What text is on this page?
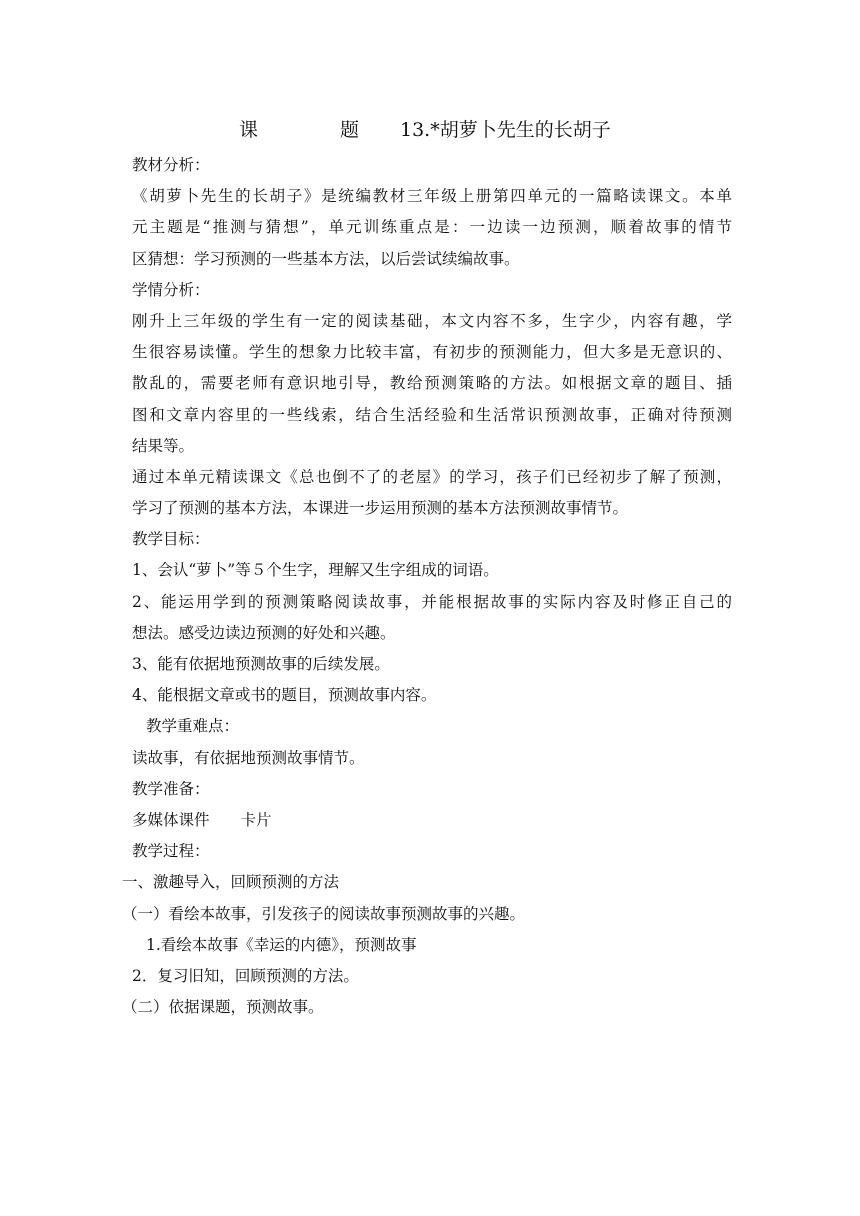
课	题 13.*胡萝卜先生的长胡子
教材分析：
《胡萝卜先生的长胡子》是统编教材三年级上册第四单元的一篇略读课文。本单
元主题是“推测与猜想”，单元训练重点是：一边读一边预测，顺着故事的情节
区猜想：学习预测的一些基本方法，以后尝试续编故事。
学情分析：
刚升上三年级的学生有一定的阅读基础，本文内容不多，生字少，内容有趣，学
生很容易读懂。学生的想象力比较丰富，有初步的预测能力，但大多是无意识的、
散乱的，需要老师有意识地引导，教给预测策略的方法。如根据文章的题目、插
图和文章内容里的一些线索，结合生活经验和生活常识预测故事，正确对待预测
结果等。
通过本单元精读课文《总也倒不了的老屋》的学习，孩子们已经初步了解了预测，
学习了预测的基本方法，本课进一步运用预测的基本方法预测故事情节。
教学目标：
1、会认“萝卜”等５个生字，理解又生字组成的词语。
2、能运用学到的预测策略阅读故事，并能根据故事的实际内容及时修正自己的
想法。感受边读边预测的好处和兴趣。
3、能有依据地预测故事的后续发展。
4、能根据文章或书的题目，预测故事内容。
教学重难点：
读故事，有依据地预测故事情节。
教学准备：
多媒体课件　　卡片
教学过程：
一、激趣导入，回顾预测的方法
（一）看绘本故事，引发孩子的阅读故事预测故事的兴趣。
1.看绘本故事《幸运的内德》，预测故事
2．复习旧知，回顾预测的方法。
（二）依据课题，预测故事。
